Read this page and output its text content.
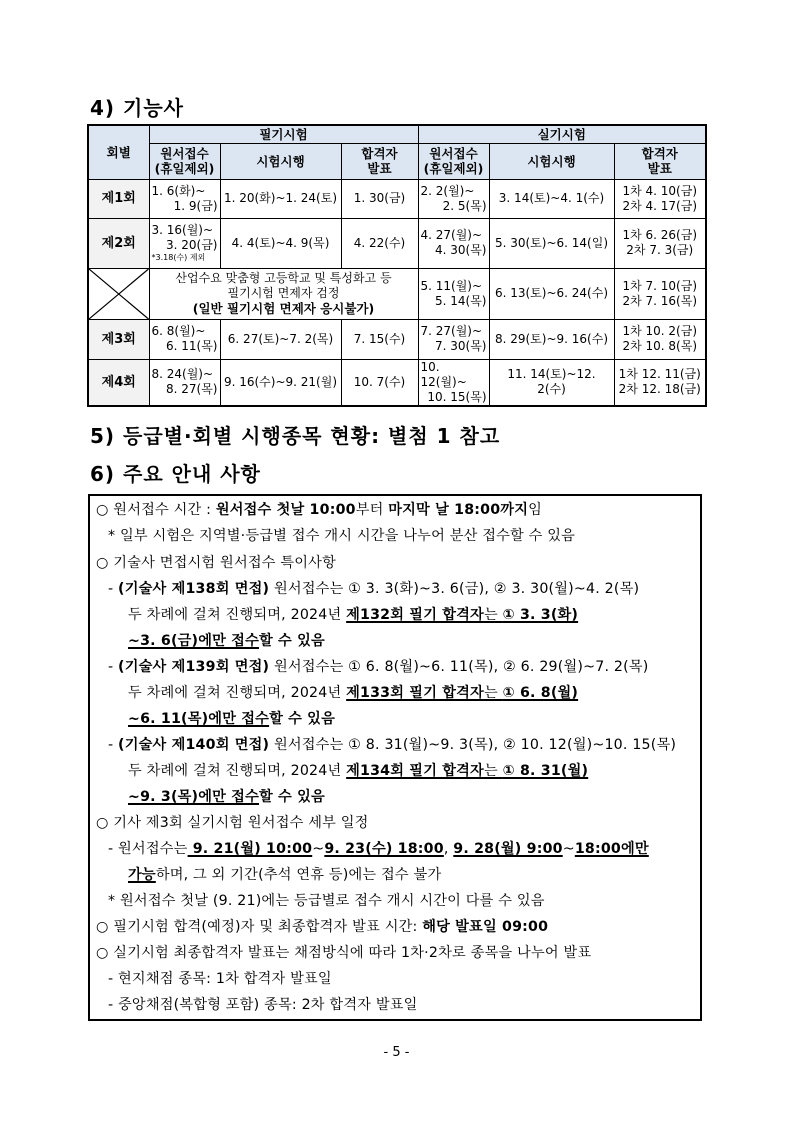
4) 기능사
회별	필기시험			실기시험		

	원서접수
(휴일제외)	시험시행	합격자
발표	원서접수
(휴일제외)	시험시행	합격자
발표

제1회	1. 6(화)~
1. 9(금)	1. 20(화)~1. 24(토)	1. 30(금)	2. 2(월)~
2. 5(목)	3. 14(토)~4. 1(수)	1차 4. 10(금)
2차 4. 17(금)

제2회	3. 16(월)~
3. 20(금)
*3.18(수) 제외	4. 4(토)~4. 9(목)	4. 22(수)	4. 27(월)~
4. 30(목)	5. 30(토)~6. 14(일)	1차 6. 26(금)
2차 7. 3(금)

산업수요 맞춤형 고등학교 및 특성화고 등
필기시험 면제자 검정
(일반 필기시험 면제자 응시불가)			5. 11(월)~
5. 14(목)	6. 13(토)~6. 24(수)	1차 7. 10(금)
2차 7. 16(목)

제3회	6. 8(월)~
6. 11(목)	6. 27(토)~7. 2(목)	7. 15(수)	7. 27(월)~
7. 30(목)	8. 29(토)~9. 16(수)	1차 10. 2(금)
2차 10. 8(목)

제4회	8. 24(월)~
8. 27(목)	9. 16(수)~9. 21(월)	10. 7(수)	10. 12(월)~
10. 15(목)	11. 14(토)~12. 2(수)	1차 12. 11(금)
2차 12. 18(금)
5) 등급별·회별 시행종목 현황: 별첨 1 참고
6) 주요 안내 사항
○ 원서접수 시간 : 원서접수 첫날 10:00부터 마지막 날 18:00까지임
* 일부 시험은 지역별·등급별 접수 개시 시간을 나누어 분산 접수할 수 있음
○ 기술사 면접시험 원서접수 특이사항
- (기술사 제138회 면접) 원서접수는 ① 3. 3(화)~3. 6(금), ② 3. 30(월)~4. 2(목)
두 차례에 걸쳐 진행되며, 2024년 제132회 필기 합격자는 ① 3. 3(화)
~3. 6(금)에만 접수할 수 있음
- (기술사 제139회 면접) 원서접수는 ① 6. 8(월)~6. 11(목), ② 6. 29(월)~7. 2(목)
두 차례에 걸쳐 진행되며, 2024년 제133회 필기 합격자는 ① 6. 8(월)
~6. 11(목)에만 접수할 수 있음
- (기술사 제140회 면접) 원서접수는 ① 8. 31(월)~9. 3(목), ② 10. 12(월)~10. 15(목)
두 차례에 걸쳐 진행되며, 2024년 제134회 필기 합격자는 ① 8. 31(월)
~9. 3(목)에만 접수할 수 있음
○ 기사 제3회 실기시험 원서접수 세부 일정
- 원서접수는 9. 21(월) 10:00~9. 23(수) 18:00, 9. 28(월) 9:00~18:00에만
가능하며, 그 외 기간(추석 연휴 등)에는 접수 불가
* 원서접수 첫날 (9. 21)에는 등급별로 접수 개시 시간이 다를 수 있음
○ 필기시험 합격(예정)자 및 최종합격자 발표 시간: 해당 발표일 09:00
○ 실기시험 최종합격자 발표는 채점방식에 따라 1차·2차로 종목을 나누어 발표
- 현지채점 종목: 1차 합격자 발표일
- 중앙채점(복합형 포함) 종목: 2차 합격자 발표일
- 5 -
